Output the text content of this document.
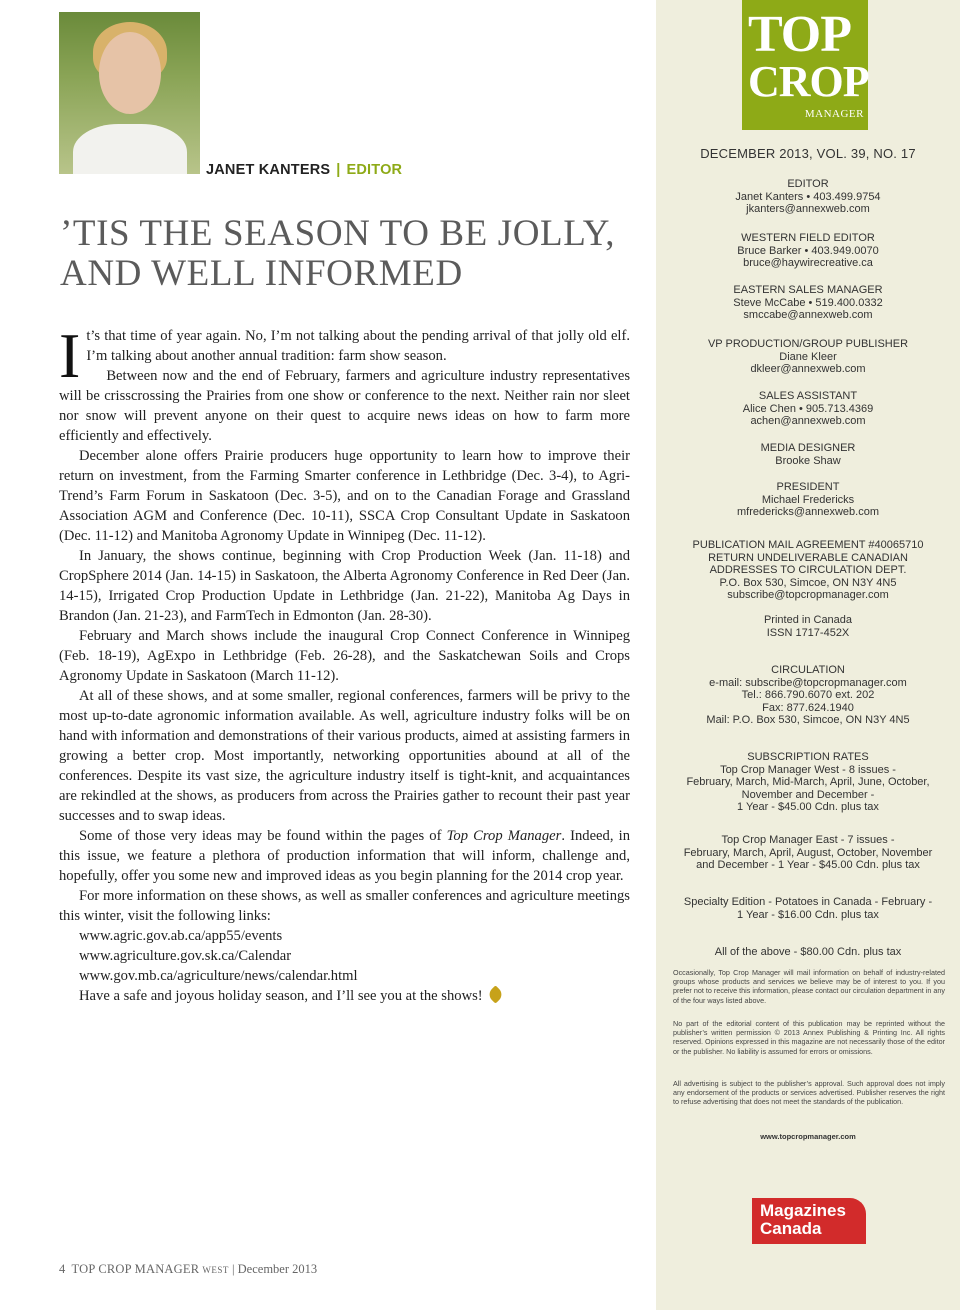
JANET KANTERS | EDITOR
’TIS THE SEASON TO BE JOLLY, AND WELL INFORMED

It’s that time of year again. No, I’m not talking about the pending arrival of that jolly old elf. I’m talking about another annual tradition: farm show season.

Between now and the end of February, farmers and agriculture industry representatives will be crisscrossing the Prairies from one show or conference to the next. Neither rain nor sleet nor snow will prevent anyone on their quest to acquire news ideas on how to farm more efficiently and effectively.

December alone offers Prairie producers huge opportunity to learn how to improve their return on investment, from the Farming Smarter conference in Lethbridge (Dec. 3-4), to Agri-Trend’s Farm Forum in Saskatoon (Dec. 3-5), and on to the Canadian Forage and Grassland Association AGM and Conference (Dec. 10-11), SSCA Crop Consultant Update in Saskatoon (Dec. 11-12) and Manitoba Agronomy Update in Winnipeg (Dec. 11-12).

In January, the shows continue, beginning with Crop Production Week (Jan. 11-18) and CropSphere 2014 (Jan. 14-15) in Saskatoon, the Alberta Agronomy Conference in Red Deer (Jan. 14-15), Irrigated Crop Production Update in Lethbridge (Jan. 21-22), Manitoba Ag Days in Brandon (Jan. 21-23), and FarmTech in Edmonton (Jan. 28-30).

February and March shows include the inaugural Crop Connect Conference in Winnipeg (Feb. 18-19), AgExpo in Lethbridge (Feb. 26-28), and the Saskatchewan Soils and Crops Agronomy Update in Saskatoon (March 11-12).

At all of these shows, and at some smaller, regional conferences, farmers will be privy to the most up-to-date agronomic information available. As well, agriculture industry folks will be on hand with information and demonstrations of their various products, aimed at assisting farmers in growing a better crop. Most importantly, networking opportunities abound at all of the conferences. Despite its vast size, the agriculture industry itself is tight-knit, and acquaintances are rekindled at the shows, as producers from across the Prairies gather to recount their past year successes and to swap ideas.

Some of those very ideas may be found within the pages of Top Crop Manager. Indeed, in this issue, we feature a plethora of production information that will inform, challenge and, hopefully, offer you some new and improved ideas as you begin planning for the 2014 crop year.

For more information on these shows, as well as smaller conferences and agriculture meetings this winter, visit the following links:

www.agric.gov.ab.ca/app55/events

www.agriculture.gov.sk.ca/Calendar

www.gov.mb.ca/agriculture/news/calendar.html

Have a safe and joyous holiday season, and I’ll see you at the shows!

4 TOP CROP MANAGER WEST | December 2013
TOP
CROP
MANAGER
DECEMBER 2013, VOL. 39, NO. 17
EDITOR
Janet Kanters • 403.499.9754
jkanters@annexweb.com
WESTERN FIELD EDITOR
Bruce Barker • 403.949.0070
bruce@haywirecreative.ca
EASTERN SALES MANAGER
Steve McCabe • 519.400.0332
smccabe@annexweb.com
VP PRODUCTION/GROUP PUBLISHER
Diane Kleer
dkleer@annexweb.com
SALES ASSISTANT
Alice Chen • 905.713.4369
achen@annexweb.com
MEDIA DESIGNER
Brooke Shaw
PRESIDENT
Michael Fredericks
mfredericks@annexweb.com
PUBLICATION MAIL AGREEMENT #40065710
RETURN UNDELIVERABLE CANADIAN
ADDRESSES TO CIRCULATION DEPT.
P.O. Box 530, Simcoe, ON N3Y 4N5
subscribe@topcropmanager.com
Printed in Canada
ISSN 1717-452X
CIRCULATION
e-mail: subscribe@topcropmanager.com
Tel.: 866.790.6070 ext. 202
Fax: 877.624.1940
Mail: P.O. Box 530, Simcoe, ON N3Y 4N5
SUBSCRIPTION RATES
Top Crop Manager West - 8 issues -
February, March, Mid-March, April, June, October,
November and December -
1 Year - $45.00 Cdn. plus tax
Top Crop Manager East - 7 issues -
February, March, April, August, October, November
and December - 1 Year - $45.00 Cdn. plus tax
Specialty Edition - Potatoes in Canada - February -
1 Year - $16.00 Cdn. plus tax
All of the above - $80.00 Cdn. plus tax
Occasionally, Top Crop Manager will mail information on behalf of industry-related groups whose products and services we believe may be of interest to you. If you prefer not to receive this information, please contact our circulation department in any of the four ways listed above.
No part of the editorial content of this publication may be reprinted without the publisher’s written permission © 2013 Annex Publishing & Printing Inc. All rights reserved. Opinions expressed in this magazine are not necessarily those of the editor or the publisher. No liability is assumed for errors or omissions.
All advertising is subject to the publisher’s approval. Such approval does not imply any endorsement of the products or services advertised. Publisher reserves the right to refuse advertising that does not meet the standards of the publication.
www.topcropmanager.com
Magazines
Canada
